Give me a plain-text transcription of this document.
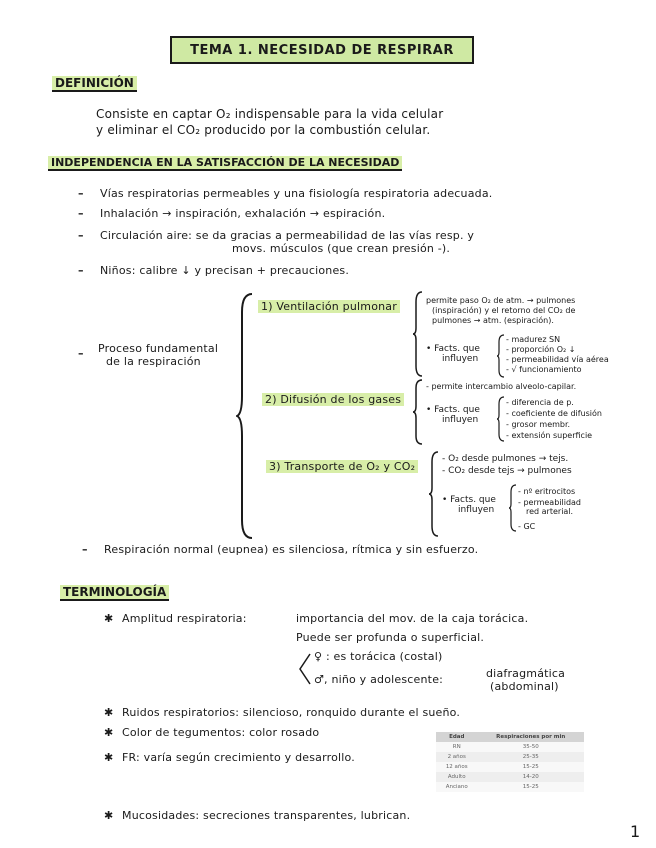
TEMA 1. NECESIDAD DE RESPIRAR
DEFINICIÓN
Consiste en captar O₂ indispensable para la vida celular
y eliminar el CO₂ producido por la combustión celular.
INDEPENDENCIA EN LA SATISFACCIÓN DE LA NECESIDAD
– Vías respiratorias permeables y una fisiología respiratoria adecuada.
– Inhalación → inspiración, exhalación → espiración.
– Circulación aire: se da gracias a permeabilidad de las vías resp. y
movs. músculos (que crean presión -).
– Niños: calibre ↓ y precisan + precauciones.
– Proceso fundamental
de la respiración
1) Ventilación pulmonar	permite paso O₂ de atm. → pulmones
(inspiración) y el retorno del CO₂ de
pulmones → atm. (espiración).
• Facts. que
influyen
- madurez SN
- proporción O₂ ↓
- permeabilidad vía aérea
- √ funcionamiento
2) Difusión de los gases
- permite intercambio alveolo-capilar.
• Facts. que
influyen
- diferencia de p.
- coeficiente de difusión
- grosor membr.
- extensión superficie
3) Transporte de O₂ y CO₂
- O₂ desde pulmones → tejs.
- CO₂ desde tejs → pulmones
• Facts. que
influyen
- nº eritrocitos
- permeabilidad
red arterial.
- GC
– Respiración normal (eupnea) es silenciosa, rítmica y sin esfuerzo.
TERMINOLOGÍA
✱ Amplitud respiratoria:	importancia del mov. de la caja torácica.
Puede ser profunda o superficial.
♀ : es torácica (costal)
♂, niño y adolescente:	diafragmática
(abdominal)
✱ Ruidos respiratorios: silencioso, ronquido durante el sueño.
✱ Color de tegumentos: color rosado
✱ FR: varía según crecimiento y desarrollo.
Edad	Respiraciones por min
RN	35-50
2 años	25-35
12 años	15-25
Adulto	14-20
Anciano	15-25
✱ Mucosidades: secreciones transparentes, lubrican.
1
